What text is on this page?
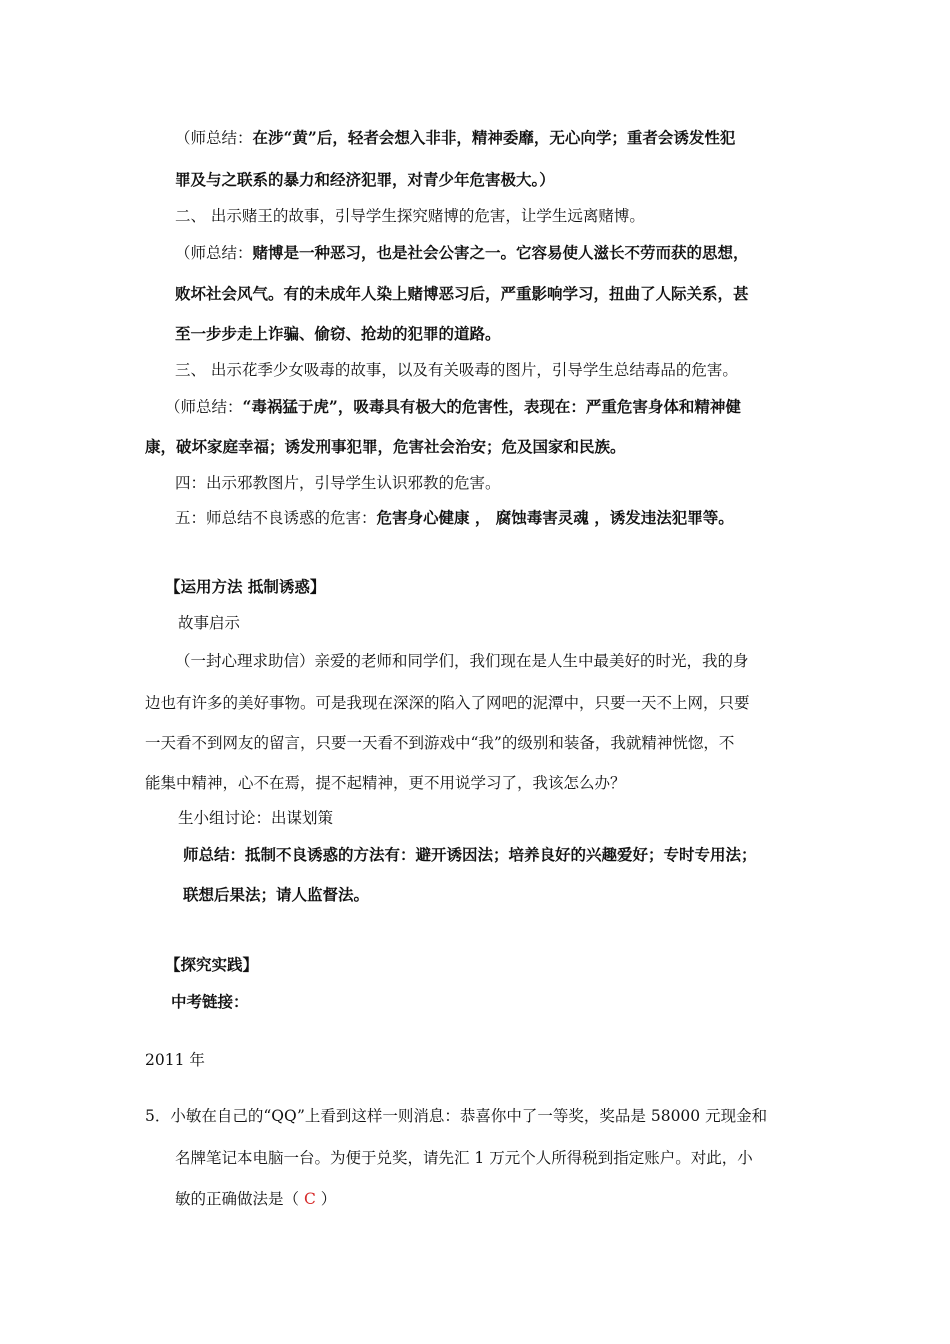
（师总结：在涉“黄”后，轻者会想入非非，精神委靡，无心向学；重者会诱发性犯
罪及与之联系的暴力和经济犯罪，对青少年危害极大。）
二、 出示赌王的故事，引导学生探究赌博的危害，让学生远离赌博。
（师总结：赌博是一种恶习，也是社会公害之一。它容易使人滋长不劳而获的思想，
败坏社会风气。有的未成年人染上赌博恶习后，严重影响学习，扭曲了人际关系，甚
至一步步走上诈骗、偷窃、抢劫的犯罪的道路。
三、 出示花季少女吸毒的故事，以及有关吸毒的图片，引导学生总结毒品的危害。
（师总结：“毒祸猛于虎”，吸毒具有极大的危害性，表现在：严重危害身体和精神健
康，破坏家庭幸福；诱发刑事犯罪，危害社会治安；危及国家和民族。
四：出示邪教图片，引导学生认识邪教的危害。
五：师总结不良诱惑的危害：危害身心健康 ， 腐蚀毒害灵魂 ，诱发违法犯罪等。
【运用方法 抵制诱惑】
故事启示
（一封心理求助信）亲爱的老师和同学们，我们现在是人生中最美好的时光，我的身
边也有许多的美好事物。可是我现在深深的陷入了网吧的泥潭中，只要一天不上网，只要
一天看不到网友的留言，只要一天看不到游戏中“我”的级别和装备，我就精神恍惚，不
能集中精神，心不在焉，提不起精神，更不用说学习了，我该怎么办？
生小组讨论：出谋划策
师总结：抵制不良诱惑的方法有：避开诱因法；培养良好的兴趣爱好；专时专用法；
联想后果法；请人监督法。
【探究实践】
中考链接：
2011 年
5．小敏在自己的“QQ”上看到这样一则消息：恭喜你中了一等奖，奖品是 58000 元现金和
名牌笔记本电脑一台。为便于兑奖，请先汇 1 万元个人所得税到指定账户。对此，小
敏的正确做法是（ C ）
